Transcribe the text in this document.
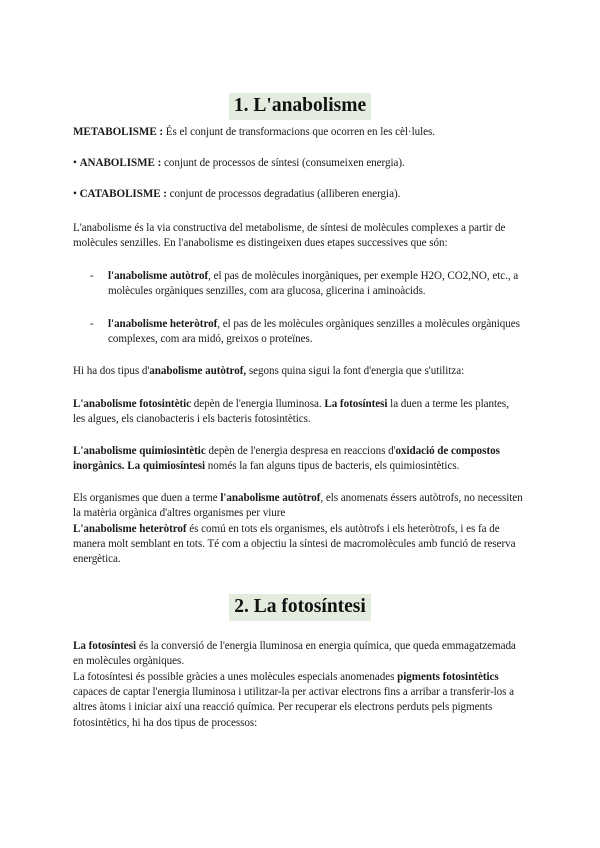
1. L'anabolisme
METABOLISME : És el conjunt de transformacions que ocorren en les cèl·lules.
• ANABOLISME : conjunt de processos de síntesi (consumeixen energia).
• CATABOLISME : conjunt de processos degradatius (alliberen energia).
L'anabolisme és la via constructiva del metabolisme, de síntesi de molècules complexes a partir de molècules senzilles. En l'anabolisme es distingeixen dues etapes successives que són:
- l'anabolisme autòtrof, el pas de molècules inorgàniques, per exemple H2O, CO2,NO, etc., a molècules orgàniques senzilles, com ara glucosa, glicerina i aminoàcids.
- l'anabolisme heteròtrof, el pas de les molècules orgàniques senzilles a molècules orgàniques complexes, com ara midó, greixos o proteïnes.
Hi ha dos tipus d'anabolisme autòtrof, segons quina sigui la font d'energia que s'utilitza:
L'anabolisme fotosintètic depèn de l'energia lluminosa. La fotosíntesi la duen a terme les plantes, les algues, els cianobacteris i els bacteris fotosintètics.
L'anabolisme quimiosintètic depèn de l'energia despresa en reaccions d'oxidació de compostos inorgànics. La quimiosíntesi només la fan alguns tipus de bacteris, els quimiosintètics.
Els organismes que duen a terme l'anabolisme autòtrof, els anomenats éssers autòtrofs, no necessiten la matèria orgànica d'altres organismes per viure
L'anabolisme heteròtrof és comú en tots els organismes, els autòtrofs i els heteròtrofs, i es fa de manera molt semblant en tots. Té com a objectiu la síntesi de macromolècules amb funció de reserva energètica.
2. La fotosíntesi
La fotosíntesi és la conversió de l'energia lluminosa en energia química, que queda emmagatzemada en molècules orgàniques.
La fotosíntesi és possible gràcies a unes molècules especials anomenades pigments fotosintètics capaces de captar l'energia lluminosa i utilitzar-la per activar electrons fins a arribar a transferir-los a altres àtoms i iniciar així una reacció química. Per recuperar els electrons perduts pels pigments fotosintètics, hi ha dos tipus de processos:
